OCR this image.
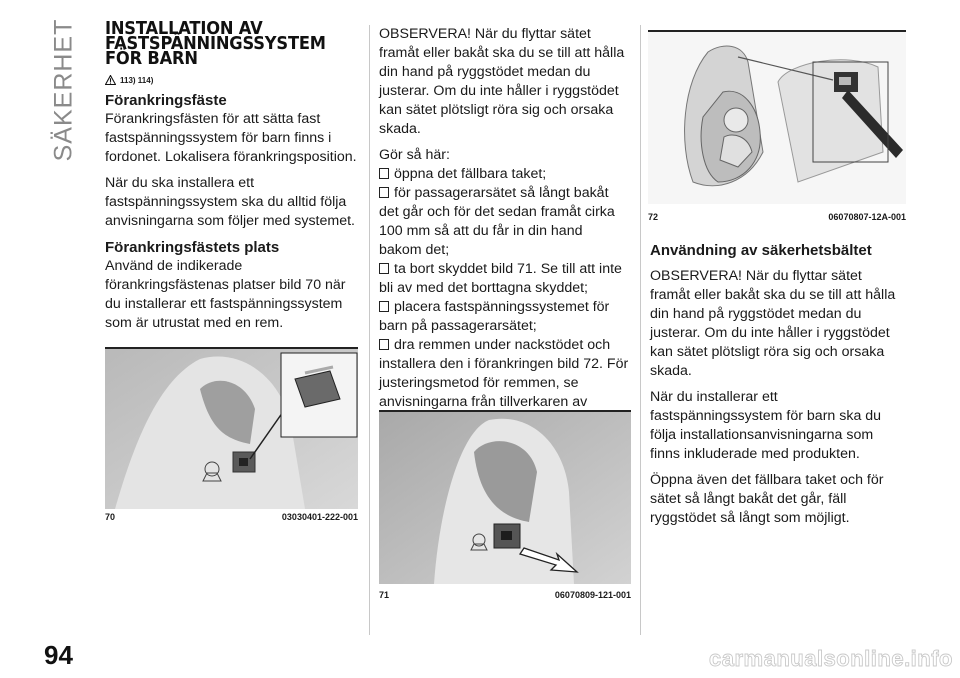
SÄKERHET INSTALLATION AV
FASTSPÄNNINGSSYSTEM
FÖR BARN
113) 114)
Förankringsfäste

Förankringsfästen för att sätta fast
fastspänningssystem för barn finns i
fordonet. Lokalisera förankringsposition.

När du ska installera ett
fastspänningssystem ska du alltid följa
anvisningarna som följer med systemet.

Förankringsfästets plats

Använd de indikerade
förankringsfästenas platser bild 70 när
du installerar ett fastspänningssystem
som är utrustat med en rem.

70	03030401-222-001

OBSERVERA! När du flyttar sätet
framåt eller bakåt ska du se till att hålla
din hand på ryggstödet medan du
justerar. Om du inte håller i ryggstödet
kan sätet plötsligt röra sig och orsaka
skada.

Gör så här:

öppna det fällbara taket;

för passagerarsätet så långt bakåt
det går och för det sedan framåt cirka
100 mm så att du får in din hand
bakom det;

ta bort skyddet bild 71. Se till att inte
bli av med det borttagna skyddet;

placera fastspänningssystemet för
barn på passagerarsätet;

dra remmen under nackstödet och
installera den i förankringen bild 72. För
justeringsmetod för remmen, se
anvisningarna från tillverkaren av

71	06070809-121-001
72	06070807-12A-001
Användning av säkerhetsbältet

OBSERVERA! När du flyttar sätet
framåt eller bakåt ska du se till att hålla
din hand på ryggstödet medan du
justerar. Om du inte håller i ryggstödet
kan sätet plötsligt röra sig och orsaka
skada.

När du installerar ett
fastspänningssystem för barn ska du
följa installationsanvisningarna som
finns inkluderade med produkten.

Öppna även det fällbara taket och för
sätet så långt bakåt det går, fäll
ryggstödet så långt som möjligt.

94	carmanualsonline.info
